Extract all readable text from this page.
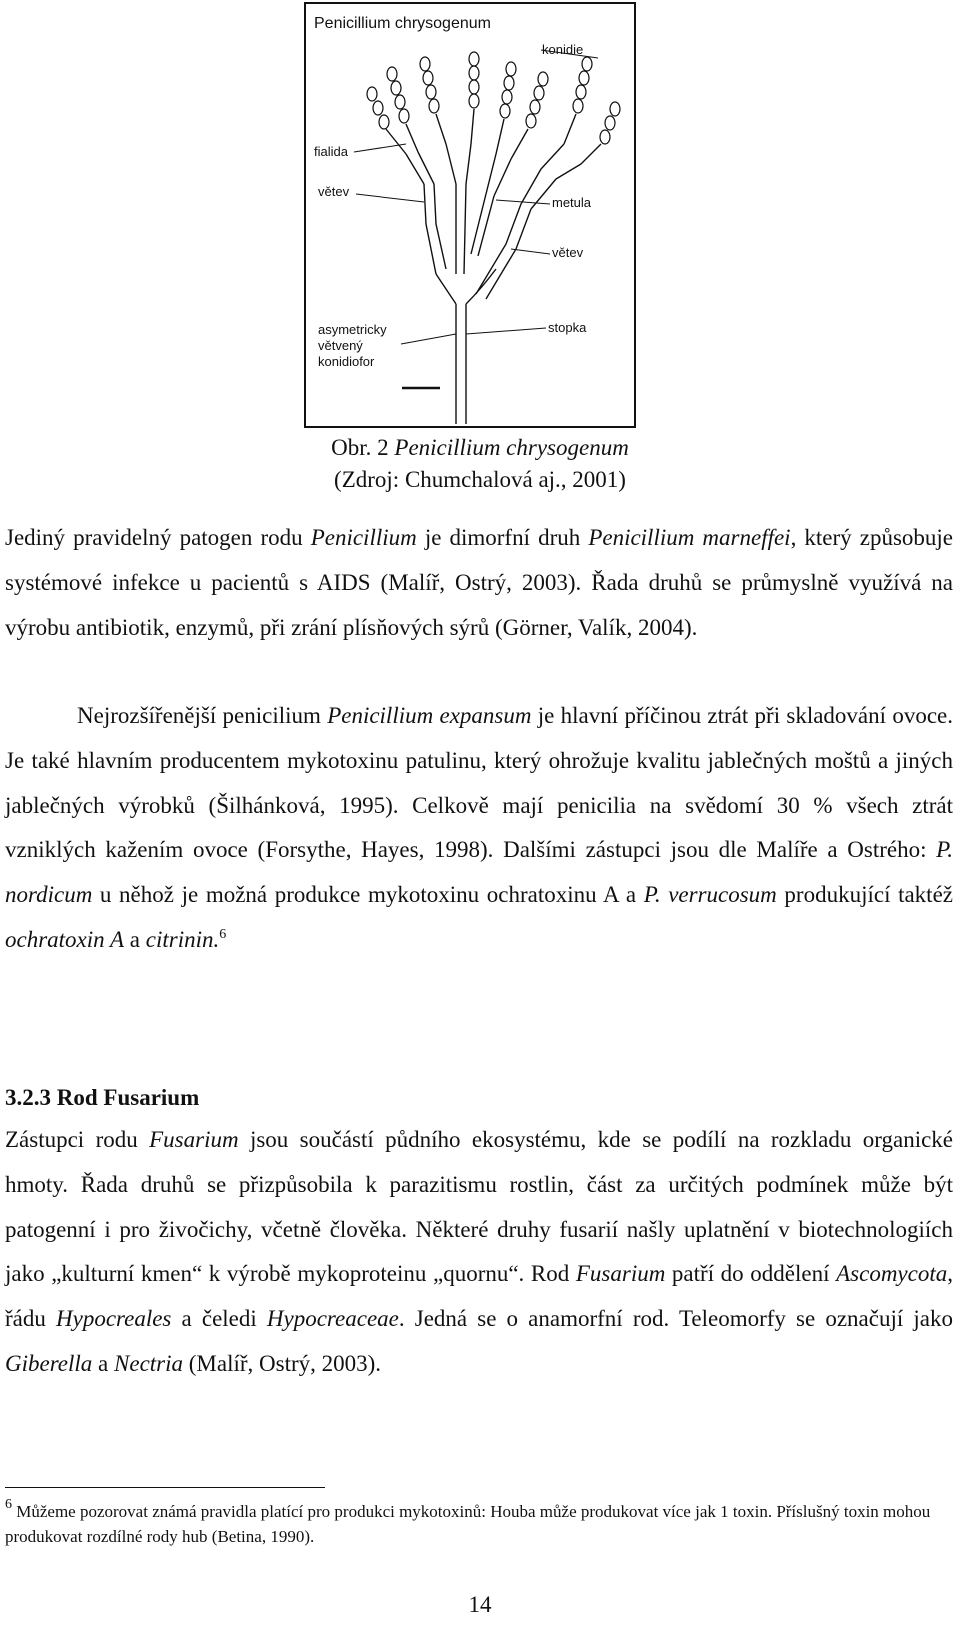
Penicillium chrysogenum
konidie
fialida
větev
metula
větev
stopka
asymetricky
větvený
konidiofor
Obr. 2 Penicillium chrysogenum
(Zdroj: Chumchalová aj., 2001)

Jediný pravidelný patogen rodu Penicillium je dimorfní druh Penicillium marneffei, který způsobuje systémové infekce u pacientů s AIDS (Malíř, Ostrý, 2003). Řada druhů se průmyslně využívá na výrobu antibiotik, enzymů, při zrání plísňových sýrů (Görner, Valík, 2004).

Nejrozšířenější penicilium Penicillium expansum je hlavní příčinou ztrát při skladování ovoce. Je také hlavním producentem mykotoxinu patulinu, který ohrožuje kvalitu jablečných moštů a jiných jablečných výrobků (Šilhánková, 1995). Celkově mají penicilia na svědomí 30 % všech ztrát vzniklých kažením ovoce (Forsythe, Hayes, 1998). Dalšími zástupci jsou dle Malíře a Ostrého: P. nordicum u něhož je možná produkce mykotoxinu ochratoxinu A a P. verrucosum produkující taktéž ochratoxin A a citrinin.$^6$

3.2.3 Rod Fusarium

Zástupci rodu Fusarium jsou součástí půdního ekosystému, kde se podílí na rozkladu organické hmoty. Řada druhů se přizpůsobila k parazitismu rostlin, část za určitých podmínek může být patogenní i pro živočichy, včetně člověka. Některé druhy fusarií našly uplatnění v biotechnologiích jako „kulturní kmen“ k výrobě mykoproteinu „quornu“. Rod Fusarium patří do oddělení Ascomycota, řádu Hypocreales a čeledi Hypocreaceae. Jedná se o anamorfní rod. Teleomorfy se označují jako Giberella a Nectria (Malíř, Ostrý, 2003).

$^6$ Můžeme pozorovat známá pravidla platící pro produkci mykotoxinů: Houba může produkovat více jak 1 toxin. Příslušný toxin mohou produkovat rozdílné rody hub (Betina, 1990).

14
